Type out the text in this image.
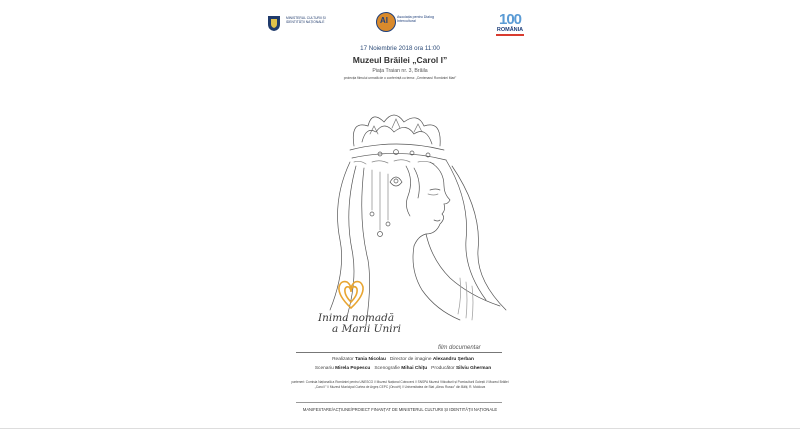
MINISTERUL CULTURII ȘI IDENTITĂȚII NAȚIONALE	AI	Asociația pentru Dialog Intercultural	100
ROMÂNIA
17 Noiembrie 2018 ora 11:00
Muzeul Brăilei „Carol I”
Piața Traian nr. 3, Brăila
proiecția filmului urmată de o conferință cu tema: „Centenarul României Mari”
Inima nomadă
a Marii Uniri
film documentar
Realizator Tania Nicolau Director de imagine Alexandru Șerban
Scenariu Mirela Popescu Scenografie Mihai Chițu Producător Silviu Gherman
parteneri: Comisia Națională a României pentru UNESCO // Muzeul Național Cotroceni // SNSPA Muzeul Viticulturii și Pomiculturii Golești // Muzeul Brăilei „Carol I” // Muzeul Municipal Curtea de Argeș CEPC (OncoH) // Universitatea de Stat „Alecu Russo” din Bălți, R. Moldova
MANIFESTARE/ACȚIUNE/PROIECT FINANȚAT DE MINISTERUL CULTURII ȘI IDENTITĂȚII NAȚIONALE
